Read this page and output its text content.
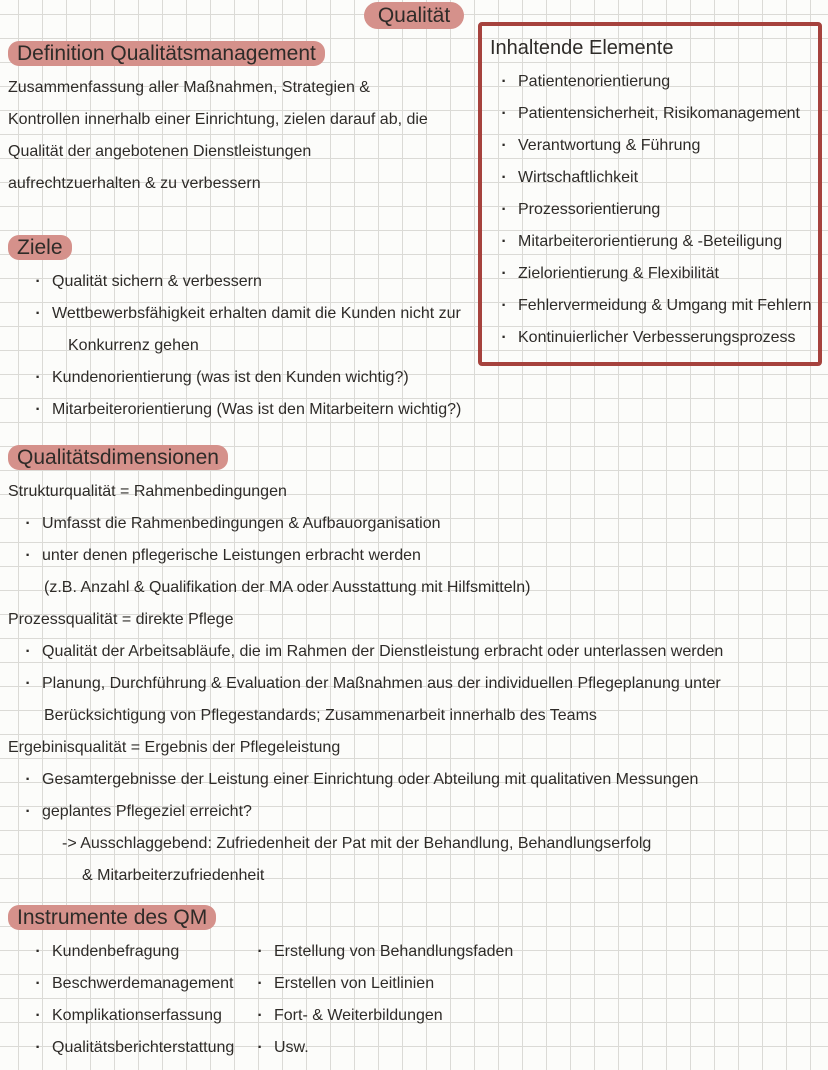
Qualität
Inhaltende Elemente
· Patientenorientierung
· Patientensicherheit, Risikomanagement
· Verantwortung & Führung
· Wirtschaftlichkeit
· Prozessorientierung
· Mitarbeiterorientierung & -Beteiligung
· Zielorientierung & Flexibilität
· Fehlervermeidung & Umgang mit Fehlern
· Kontinuierlicher Verbesserungsprozess
Definition Qualitätsmanagement
Zusammenfassung aller Maßnahmen, Strategien &
Kontrollen innerhalb einer Einrichtung, zielen darauf ab, die
Qualität der angebotenen Dienstleistungen
aufrechtzuerhalten & zu verbessern
Ziele
· Qualität sichern & verbessern
· Wettbewerbsfähigkeit erhalten damit die Kunden nicht zur
Konkurrenz gehen
· Kundenorientierung (was ist den Kunden wichtig?)
· Mitarbeiterorientierung (Was ist den Mitarbeitern wichtig?)
Qualitätsdimensionen
Strukturqualität = Rahmenbedingungen
· Umfasst die Rahmenbedingungen & Aufbauorganisation
· unter denen pflegerische Leistungen erbracht werden
(z.B. Anzahl & Qualifikation der MA oder Ausstattung mit Hilfsmitteln)
Prozessqualität = direkte Pflege
· Qualität der Arbeitsabläufe, die im Rahmen der Dienstleistung erbracht oder unterlassen werden
· Planung, Durchführung & Evaluation der Maßnahmen aus der individuellen Pflegeplanung unter
Berücksichtigung von Pflegestandards; Zusammenarbeit innerhalb des Teams
Ergebinisqualität = Ergebnis der Pflegeleistung
· Gesamtergebnisse der Leistung einer Einrichtung oder Abteilung mit qualitativen Messungen
· geplantes Pflegeziel erreicht?
-> Ausschlaggebend: Zufriedenheit der Pat mit der Behandlung, Behandlungserfolg
& Mitarbeiterzufriedenheit
Instrumente des QM
· Kundenbefragung
· Beschwerdemanagement
· Komplikationserfassung
· Qualitätsberichterstattung
· Erstellung von Behandlungsfaden
· Erstellen von Leitlinien
· Fort- & Weiterbildungen
· Usw.
